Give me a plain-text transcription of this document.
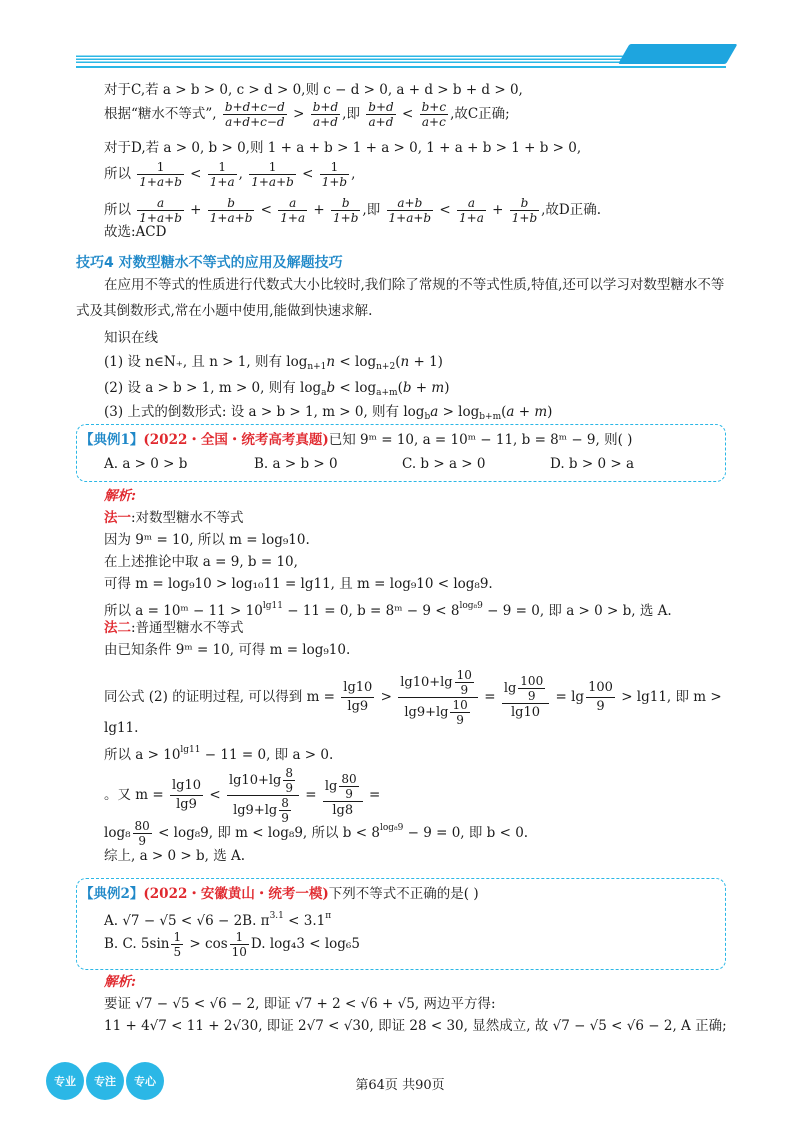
对于C,若 a > b > 0, c > d > 0,则 c − d > 0, a + d > b + d > 0,
根据“糖水不等式”, $\frac{b+d+c-d}{a+d+c-d} > \frac{b+d}{a+d}$ ,即 $\frac{b+d}{a+d} < \frac{b+c}{a+c}$ ,故C正确;
对于D,若 a > 0, b > 0,则 1 + a + b > 1 + a > 0, 1 + a + b > 1 + b > 0,
所以 $\frac{1}{1+a+b} < \frac{1}{1+a}$ , $\frac{1}{1+a+b} < \frac{1}{1+b}$ ,
所以 $\frac{a}{1+a+b} + \frac{b}{1+a+b} < \frac{a}{1+a} + \frac{b}{1+b}$ ,即 $\frac{a+b}{1+a+b} < \frac{a}{1+a} + \frac{b}{1+b}$ ,故D正确.
故选:ACD
技巧4 对数型糖水不等式的应用及解题技巧

在应用不等式的性质进行代数式大小比较时,我们除了常规的不等式性质,特值,还可以学习对数型糖水不等式及其倒数形式,常在小题中使用,能做到快速求解.

知识在线
(1) 设 n∈N₊, 且 n > 1, 则有 $\log_{n+1}n < \log_{n+2}(n + 1)$
(2) 设 a > b > 1, m > 0, 则有 $\log_ab < \log_{a+m}(b + m)$
(3) 上式的倒数形式: 设 a > b > 1, m > 0, 则有 $\log_ba > \log_{b+m}(a + m)$
【典例1】(2022・全国・统考高考真题)已知 9ᵐ = 10, a = 10ᵐ − 11, b = 8ᵐ − 9, 则( )
A. a > 0 > b	B. a > b > 0	C. b > a > 0	D. b > 0 > a
解析:
法一:对数型糖水不等式
因为 9ᵐ = 10, 所以 m = log₉10.
在上述推论中取 a = 9, b = 10,
可得 m = log₉10 > log₁₀11 = lg11, 且 m = log₉10 < log₈9.
所以 a = 10ᵐ − $11 > 10^{lg11} - 11 = 0$, b = 8ᵐ − $9 < 8^{log_89} - 9 = 0$, 即 a > 0 > b, 选 A.
法二:普通型糖水不等式
由已知条件 9ᵐ = 10, 可得 m = log₉10.
同公式 (2) 的证明过程, 可以得到 $m = \frac{\lg 10}{\lg 9} > \frac{\lg 10+\lg \frac{10}{9}}{\lg 9+\lg \frac{10}{9}} = \frac{\lg \frac{100}{9}}{\lg 10} = \lg \frac{100}{9} > \lg 11$, 即 m >
lg11.
所以 $a > 10^{lg11} - 11 = 0$, 即 a > 0.
。又 $m = \frac{\lg 10}{\lg 9} < \frac{\lg 10+\lg \frac{8}{9}}{\lg 9+\lg \frac{8}{9}} = \frac{\lg \frac{80}{9}}{\lg 8}$ =
$\log_8 \frac{80}{9} < \log_89$, 即 m < log₈9, 所以 $b < 8^{log_89} - 9 = 0$, 即 b < 0.
综上, a > 0 > b, 选 A.
【典例2】(2022・安徽黄山・统考一模)下列不等式不正确的是( )
A. √7 − √5 < √6 − 2B. $\pi^{3.1} < 3.1^\pi$
B. C. $5\sin \frac{1}{5} > \cos \frac{1}{10} D$. log₄3 < log₆5
解析:
要证 √7 − √5 < √6 − 2, 即证 √7 + 2 < √6 + √5, 两边平方得:
11 + 4√7 < 11 + 2√30, 即证 2√7 < √30, 即证 28 < 30, 显然成立, 故 √7 − √5 < √6 − 2, A 正确;
专业	专注	专心	第64页 共90页
